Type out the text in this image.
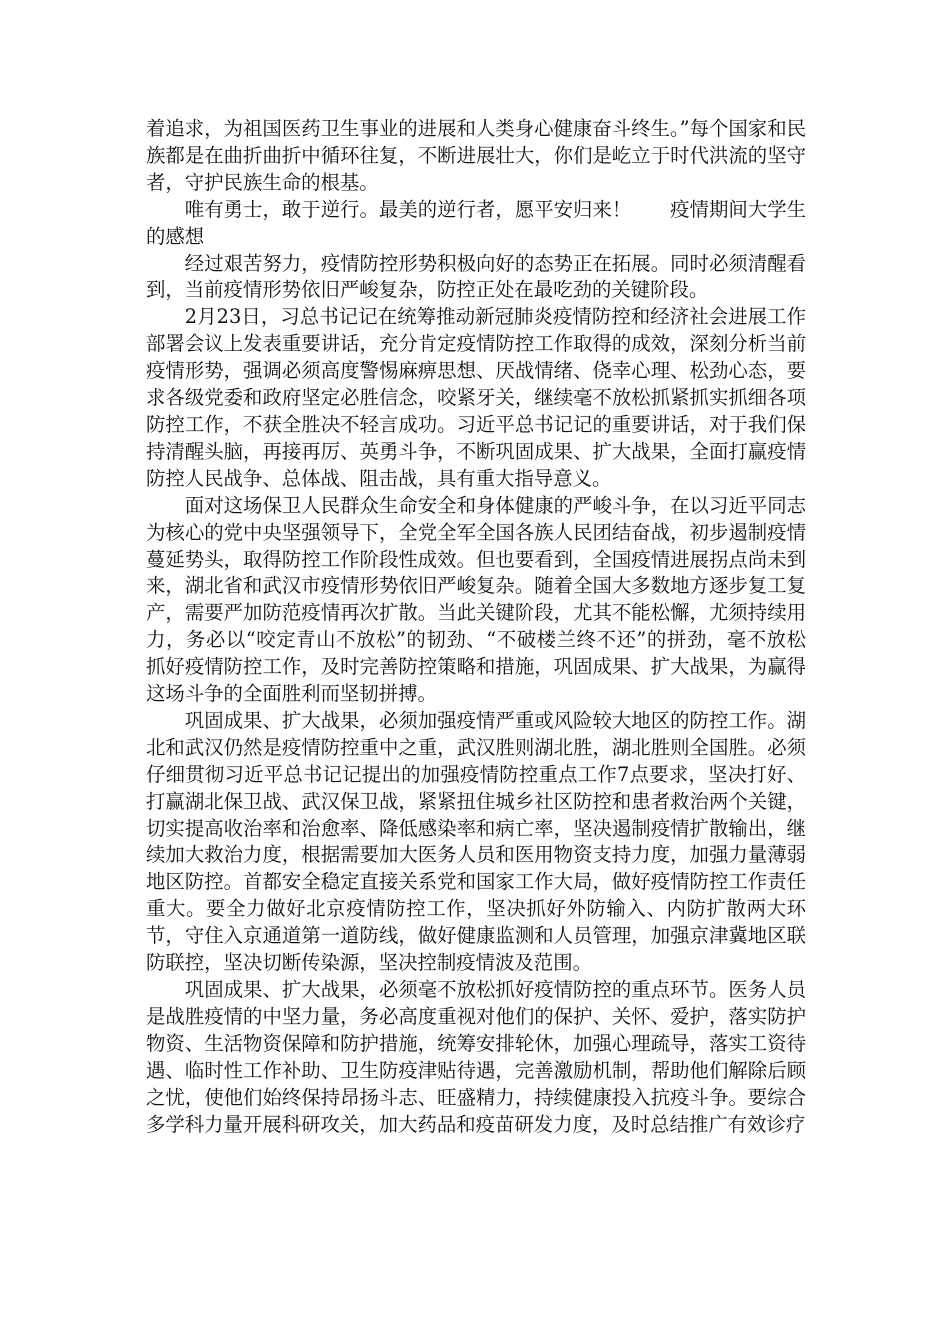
着追求，为祖国医药卫生事业的进展和人类身心健康奋斗终生。”每个国家和民族都是在曲折曲折中循环往复，不断进展壮大，你们是屹立于时代洪流的坚守者，守护民族生命的根基。

唯有勇士，敢于逆行。最美的逆行者，愿平安归来！　　疫情期间大学生的感想

经过艰苦努力，疫情防控形势积极向好的态势正在拓展。同时必须清醒看到，当前疫情形势依旧严峻复杂，防控正处在最吃劲的关键阶段。

2月23日，习总书记记在统筹推动新冠肺炎疫情防控和经济社会进展工作部署会议上发表重要讲话，充分肯定疫情防控工作取得的成效，深刻分析当前疫情形势，强调必须高度警惕麻痹思想、厌战情绪、侥幸心理、松劲心态，要求各级党委和政府坚定必胜信念，咬紧牙关，继续毫不放松抓紧抓实抓细各项防控工作，不获全胜决不轻言成功。习近平总书记记的重要讲话，对于我们保持清醒头脑，再接再厉、英勇斗争，不断巩固成果、扩大战果，全面打赢疫情防控人民战争、总体战、阻击战，具有重大指导意义。

面对这场保卫人民群众生命安全和身体健康的严峻斗争，在以习近平同志为核心的党中央坚强领导下，全党全军全国各族人民团结奋战，初步遏制疫情蔓延势头，取得防控工作阶段性成效。但也要看到，全国疫情进展拐点尚未到来，湖北省和武汉市疫情形势依旧严峻复杂。随着全国大多数地方逐步复工复产，需要严加防范疫情再次扩散。当此关键阶段，尤其不能松懈，尤须持续用力，务必以“咬定青山不放松”的韧劲、“不破楼兰终不还”的拼劲，毫不放松抓好疫情防控工作，及时完善防控策略和措施，巩固成果、扩大战果，为赢得这场斗争的全面胜利而坚韧拼搏。

巩固成果、扩大战果，必须加强疫情严重或风险较大地区的防控工作。湖北和武汉仍然是疫情防控重中之重，武汉胜则湖北胜，湖北胜则全国胜。必须仔细贯彻习近平总书记记提出的加强疫情防控重点工作7点要求，坚决打好、打赢湖北保卫战、武汉保卫战，紧紧扭住城乡社区防控和患者救治两个关键，切实提高收治率和治愈率、降低感染率和病亡率，坚决遏制疫情扩散输出，继续加大救治力度，根据需要加大医务人员和医用物资支持力度，加强力量薄弱地区防控。首都安全稳定直接关系党和国家工作大局，做好疫情防控工作责任重大。要全力做好北京疫情防控工作，坚决抓好外防输入、内防扩散两大环节，守住入京通道第一道防线，做好健康监测和人员管理，加强京津冀地区联防联控，坚决切断传染源，坚决控制疫情波及范围。

巩固成果、扩大战果，必须毫不放松抓好疫情防控的重点环节。医务人员是战胜疫情的中坚力量，务必高度重视对他们的保护、关怀、爱护，落实防护物资、生活物资保障和防护措施，统筹安排轮休，加强心理疏导，落实工资待遇、临时性工作补助、卫生防疫津贴待遇，完善激励机制，帮助他们解除后顾之忧，使他们始终保持昂扬斗志、旺盛精力，持续健康投入抗疫斗争。要综合多学科力量开展科研攻关，加大药品和疫苗研发力度，及时总结推广有效诊疗
